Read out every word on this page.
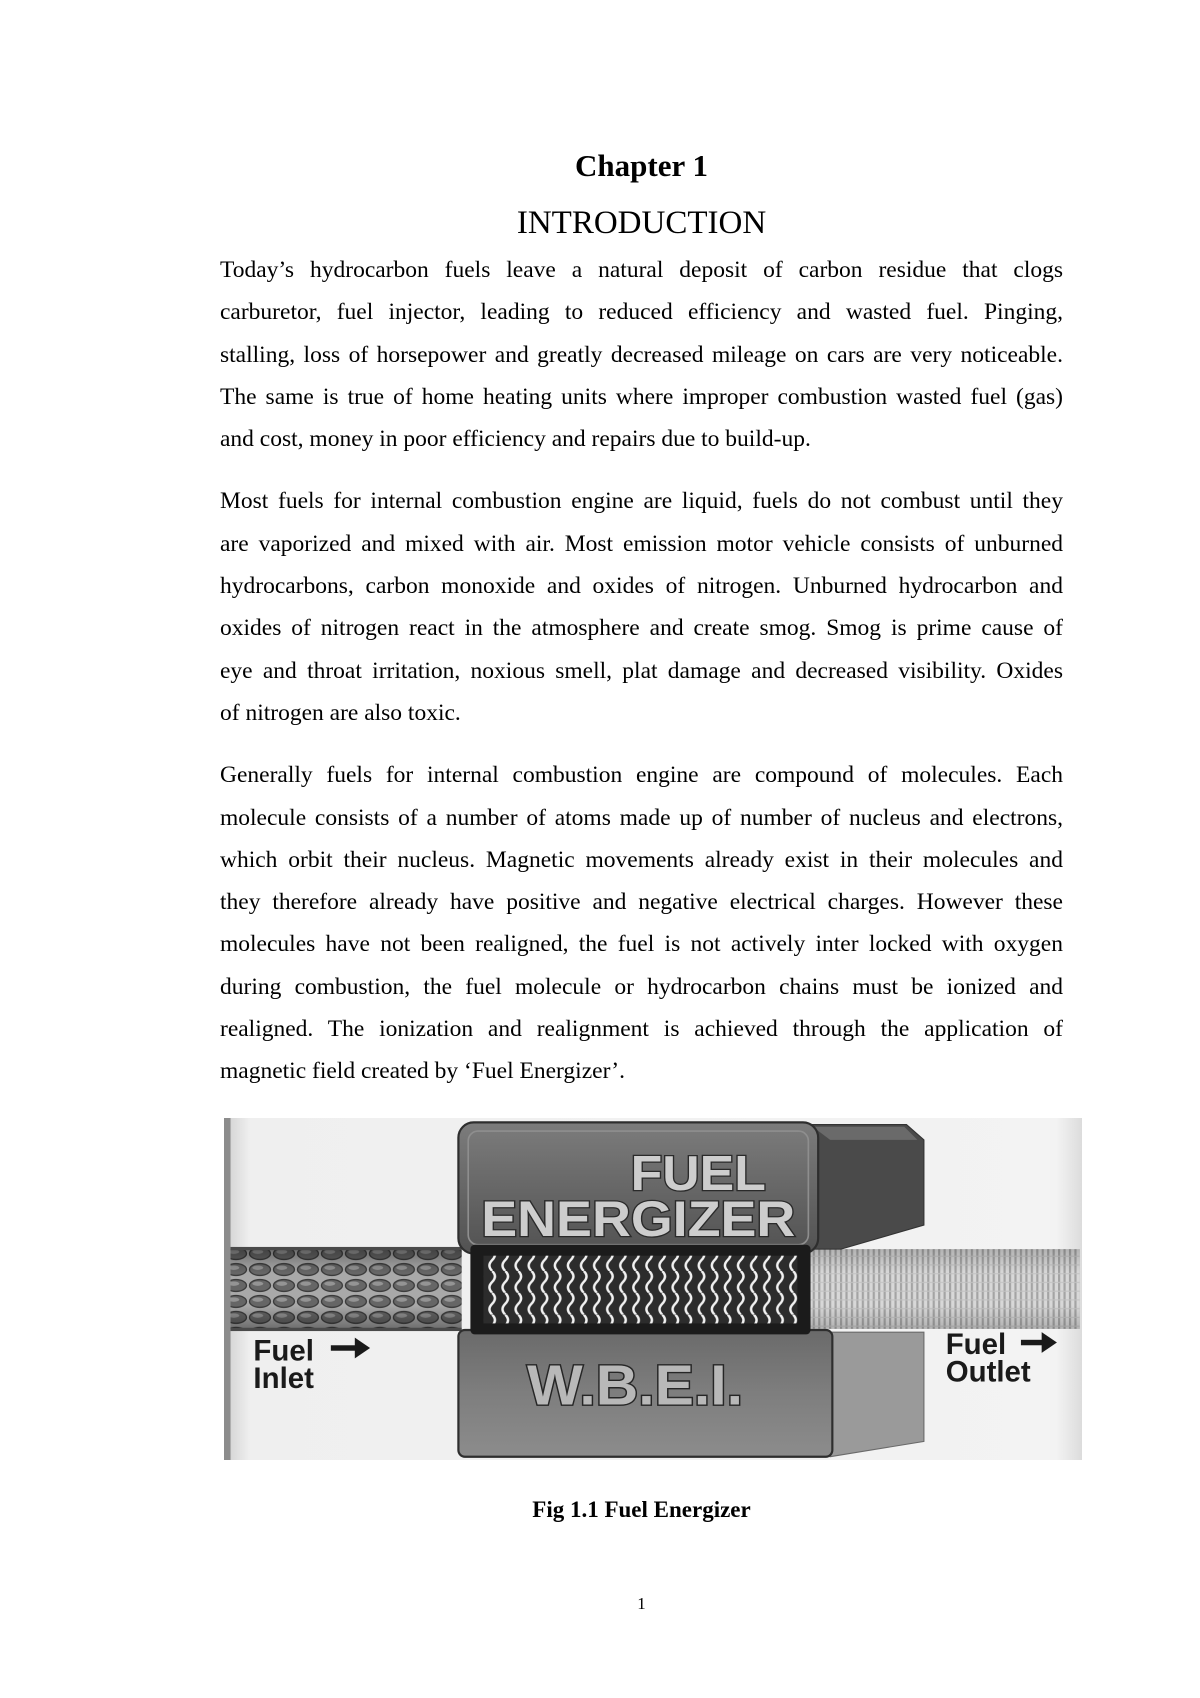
Chapter 1
INTRODUCTION
Today’s hydrocarbon fuels leave a natural deposit of carbon residue that clogs
carburetor, fuel injector, leading to reduced efficiency and wasted fuel. Pinging,
stalling, loss of horsepower and greatly decreased mileage on cars are very noticeable.
The same is true of home heating units where improper combustion wasted fuel (gas)
and cost, money in poor efficiency and repairs due to build-up.
Most fuels for internal combustion engine are liquid, fuels do not combust until they
are vaporized and mixed with air. Most emission motor vehicle consists of unburned
hydrocarbons, carbon monoxide and oxides of nitrogen. Unburned hydrocarbon and
oxides of nitrogen react in the atmosphere and create smog. Smog is prime cause of
eye and throat irritation, noxious smell, plat damage and decreased visibility. Oxides
of nitrogen are also toxic.
Generally fuels for internal combustion engine are compound of molecules. Each
molecule consists of a number of atoms made up of number of nucleus and electrons,
which orbit their nucleus. Magnetic movements already exist in their molecules and
they therefore already have positive and negative electrical charges. However these
molecules have not been realigned, the fuel is not actively inter locked with oxygen
during combustion, the fuel molecule or hydrocarbon chains must be ionized and
realigned. The ionization and realignment is achieved through the application of
magnetic field created by ‘Fuel Energizer’.
FUEL
ENERGIZER
W.B.E.I.
Fuel
Inlet
Fuel
Outlet
Fig 1.1 Fuel Energizer
1
